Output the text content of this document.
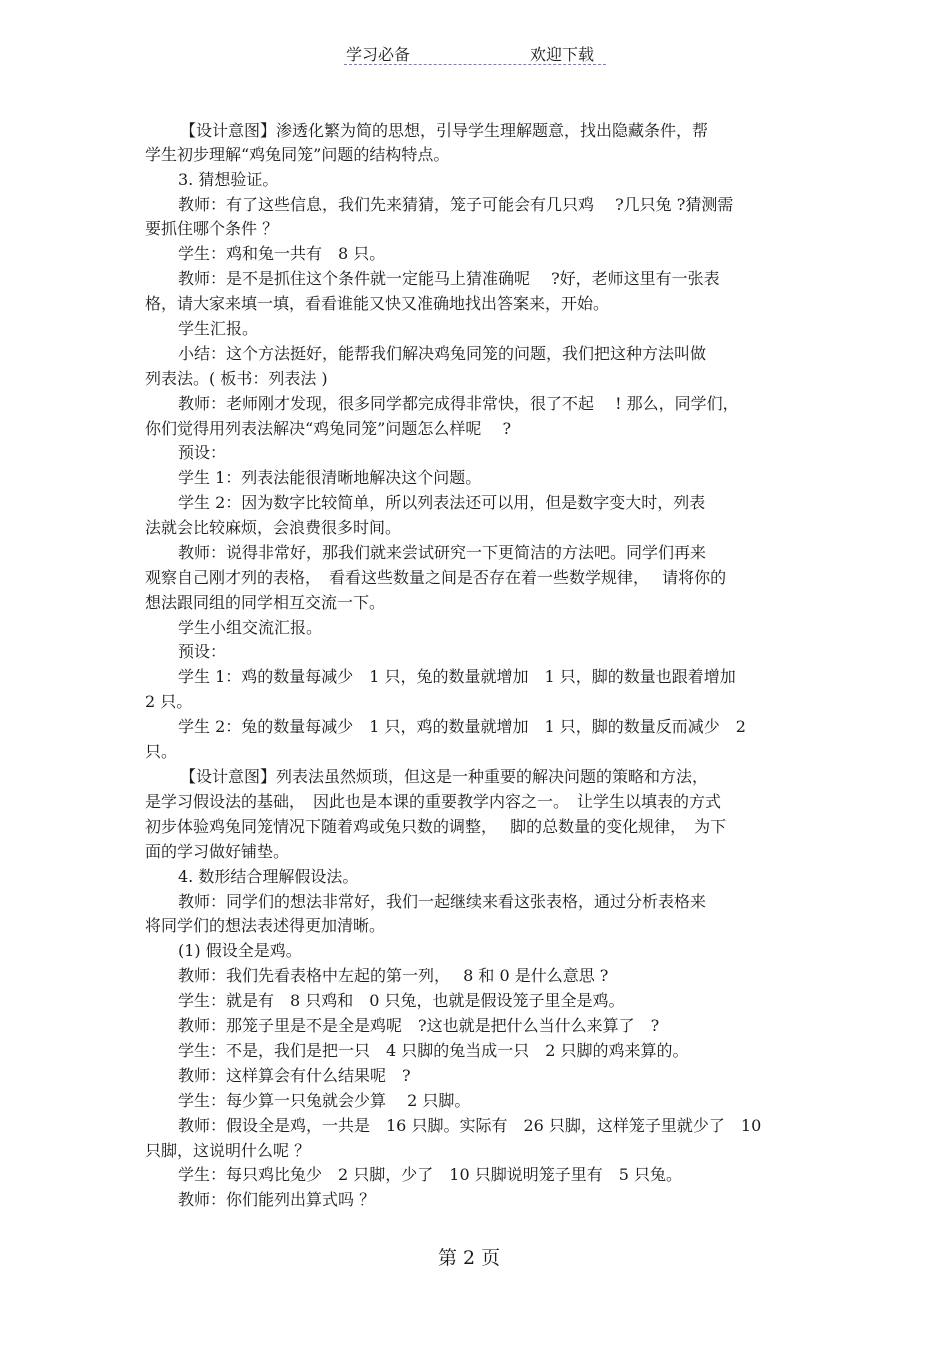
学习必备	欢迎下载
【设计意图】渗透化繁为简的思想，引导学生理解题意，找出隐藏条件，帮
学生初步理解“鸡兔同笼”问题的结构特点。
3. 猜想验证。
教师：有了这些信息，我们先来猜猜，笼子可能会有几只鸡　 ?几只兔 ?猜测需
要抓住哪个条件 ？
学生：鸡和兔一共有　8 只。
教师：是不是抓住这个条件就一定能马上猜准确呢　 ?好，老师这里有一张表
格，请大家来填一填，看看谁能又快又准确地找出答案来，开始。
学生汇报。
小结：这个方法挺好，能帮我们解决鸡兔同笼的问题，我们把这种方法叫做
列表法。( 板书：列表法 )
教师：老师刚才发现，很多同学都完成得非常快，很了不起　 ! 那么，同学们，
你们觉得用列表法解决“鸡兔同笼”问题怎么样呢　 ?
预设：
学生 1：列表法能很清晰地解决这个问题。
学生 2：因为数字比较简单，所以列表法还可以用，但是数字变大时，列表
法就会比较麻烦，会浪费很多时间。
教师：说得非常好，那我们就来尝试研究一下更简洁的方法吧。同学们再来
观察自己刚才列的表格，　看看这些数量之间是否存在着一些数学规律，　 请将你的
想法跟同组的同学相互交流一下。
学生小组交流汇报。
预设：
学生 1：鸡的数量每减少　1 只，兔的数量就增加　1 只，脚的数量也跟着增加
2 只。
学生 2：兔的数量每减少　1 只，鸡的数量就增加　1 只，脚的数量反而减少　2
只。
【设计意图】列表法虽然烦琐，但这是一种重要的解决问题的策略和方法，
是学习假设法的基础，　因此也是本课的重要教学内容之一。　让学生以填表的方式
初步体验鸡兔同笼情况下随着鸡或兔只数的调整，　 脚的总数量的变化规律，　为下
面的学习做好铺垫。
4. 数形结合理解假设法。
教师：同学们的想法非常好，我们一起继续来看这张表格，通过分析表格来
将同学们的想法表述得更加清晰。
(1) 假设全是鸡。
教师：我们先看表格中左起的第一列，　 8 和 0 是什么意思 ?
学生：就是有　8 只鸡和　0 只兔，也就是假设笼子里全是鸡。
教师：那笼子里是不是全是鸡呢　?这也就是把什么当什么来算了　?
学生：不是，我们是把一只　4 只脚的兔当成一只　2 只脚的鸡来算的。
教师：这样算会有什么结果呢　?
学生：每少算一只兔就会少算　 2 只脚。
教师：假设全是鸡，一共是　16 只脚。实际有　26 只脚，这样笼子里就少了　10
只脚，这说明什么呢 ？
学生：每只鸡比兔少　2 只脚，少了　10 只脚说明笼子里有　5 只兔。
教师：你们能列出算式吗 ？
第 2 页
